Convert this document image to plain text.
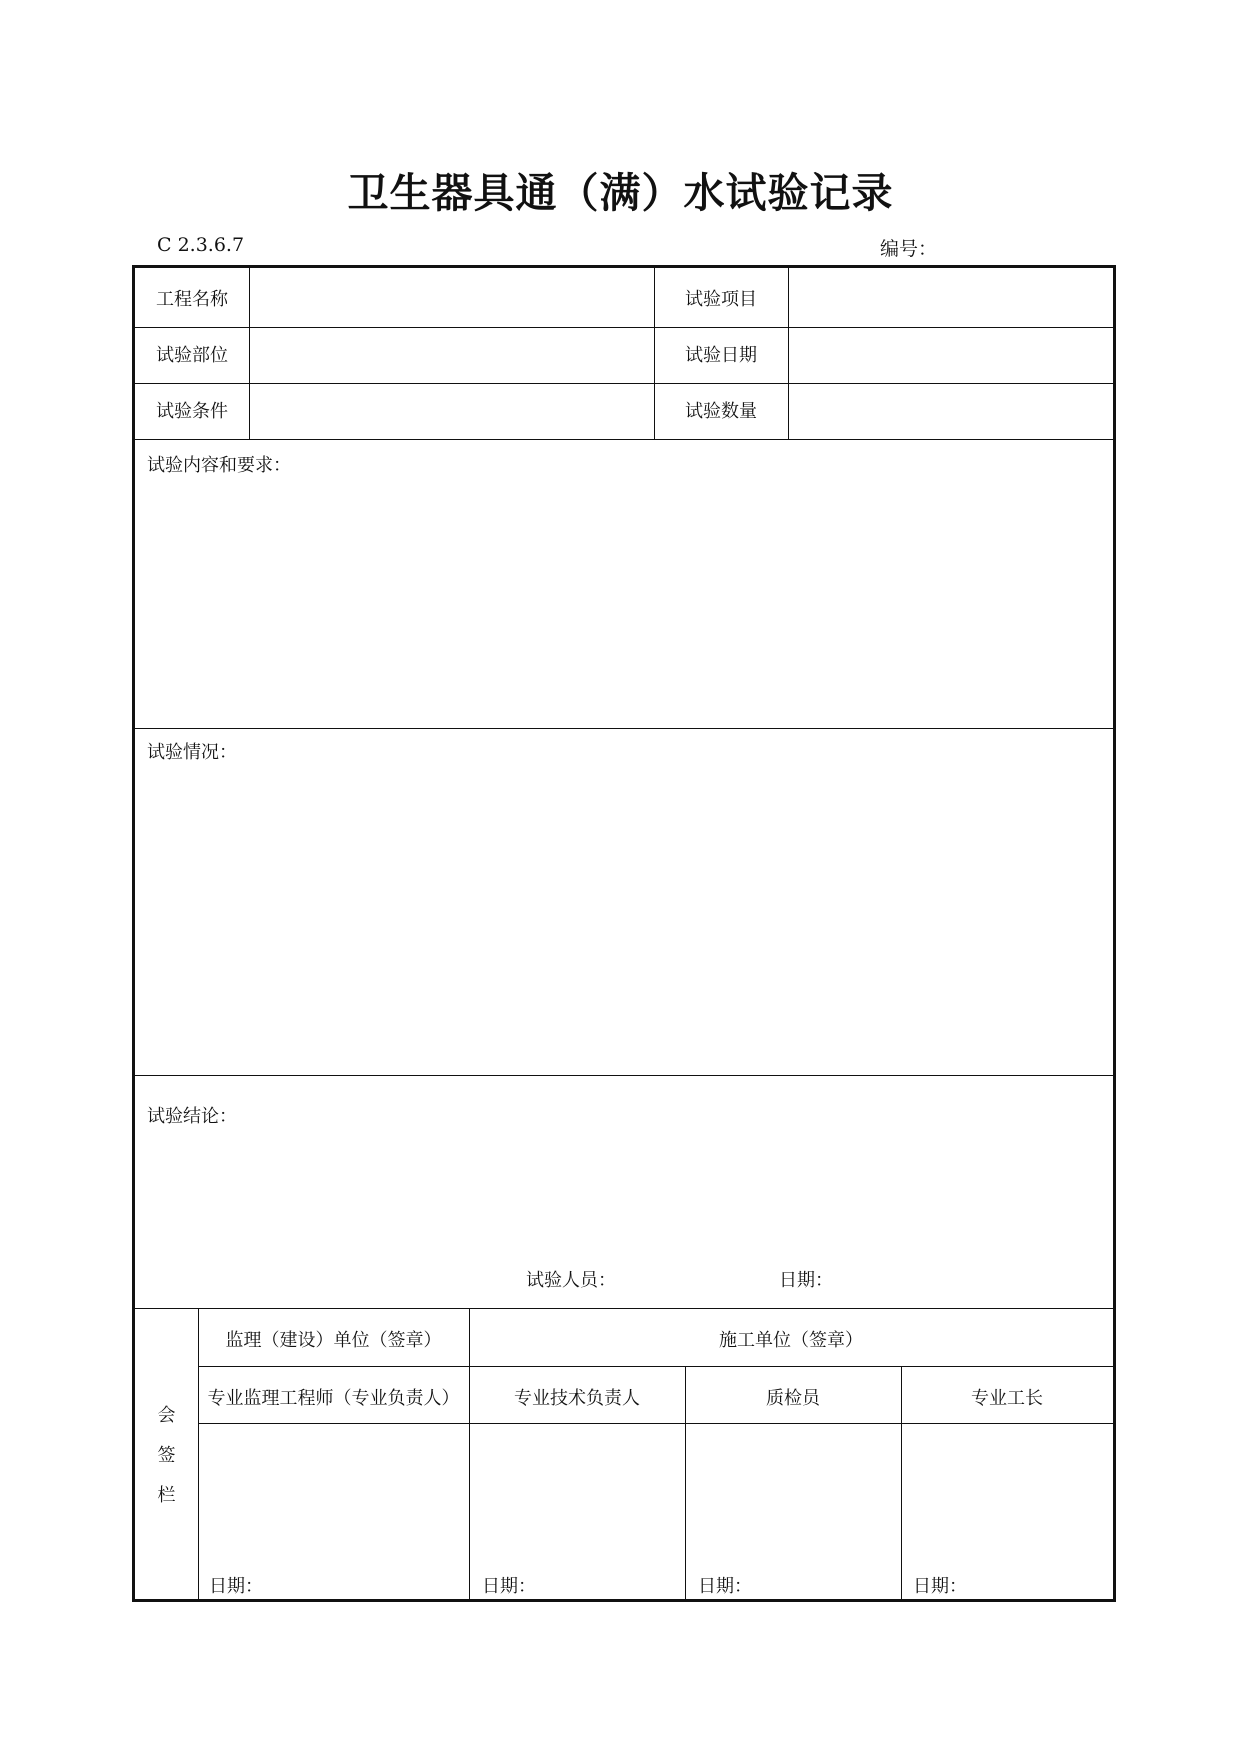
卫生器具通（满）水试验记录
C 2.3.6.7	编号：
工程名称	试验项目
试验部位	试验日期
试验条件	试验数量
试验内容和要求：
试验情况：
试验结论：
试验人员：	日期：
会
签
栏
监理（建设）单位（签章）	施工单位（签章）
专业监理工程师（专业负责人）	专业技术负责人	质检员	专业工长
日期：	日期：	日期：	日期：
